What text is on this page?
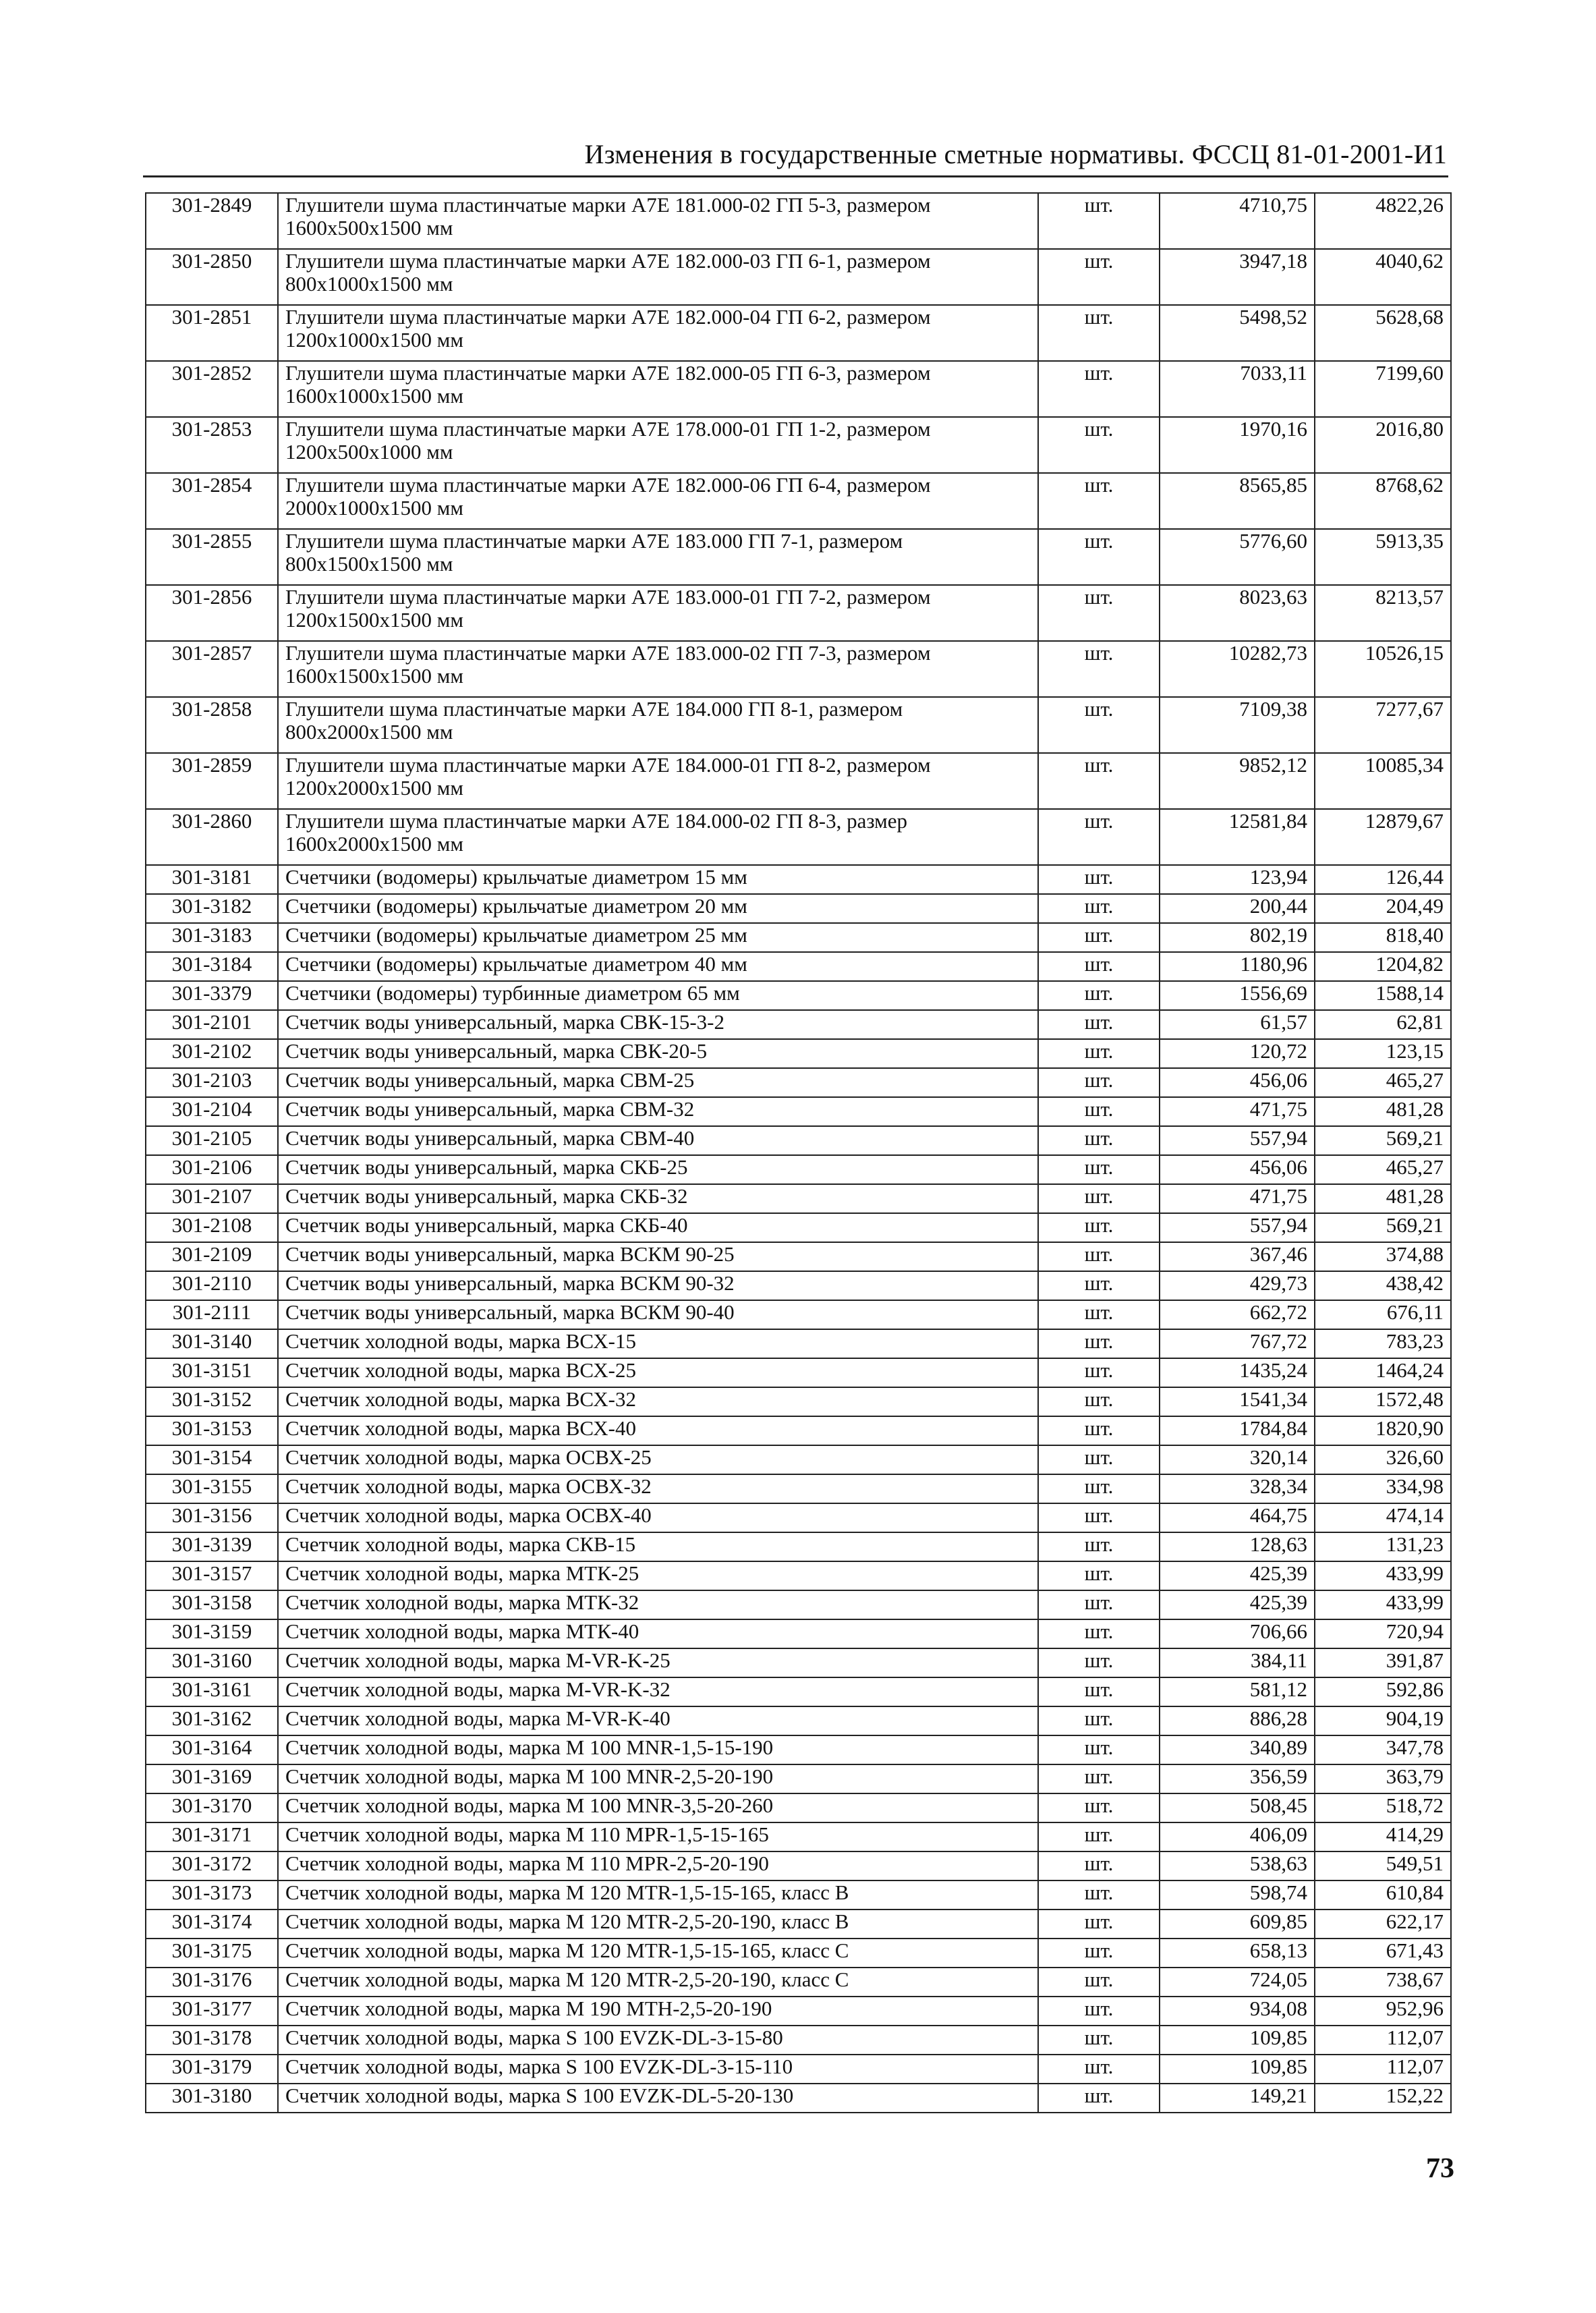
Изменения в государственные сметные нормативы. ФССЦ 81-01-2001-И1
301-2849	Глушители шума пластинчатые марки А7Е 181.000-02 ГП 5-3, размером 1600х500х1500 мм	шт.	4710,75	4822,26
301-2850	Глушители шума пластинчатые марки А7Е 182.000-03 ГП 6-1, размером 800х1000х1500 мм	шт.	3947,18	4040,62
301-2851	Глушители шума пластинчатые марки А7Е 182.000-04 ГП 6-2, размером 1200х1000х1500 мм	шт.	5498,52	5628,68
301-2852	Глушители шума пластинчатые марки А7Е 182.000-05 ГП 6-3, размером 1600х1000х1500 мм	шт.	7033,11	7199,60
301-2853	Глушители шума пластинчатые марки А7Е 178.000-01 ГП 1-2, размером 1200х500х1000 мм	шт.	1970,16	2016,80
301-2854	Глушители шума пластинчатые марки А7Е 182.000-06 ГП 6-4, размером 2000х1000х1500 мм	шт.	8565,85	8768,62
301-2855	Глушители шума пластинчатые марки А7Е 183.000 ГП 7-1, размером 800х1500х1500 мм	шт.	5776,60	5913,35
301-2856	Глушители шума пластинчатые марки А7Е 183.000-01 ГП 7-2, размером 1200х1500х1500 мм	шт.	8023,63	8213,57
301-2857	Глушители шума пластинчатые марки А7Е 183.000-02 ГП 7-3, размером 1600х1500х1500 мм	шт.	10282,73	10526,15
301-2858	Глушители шума пластинчатые марки А7Е 184.000 ГП 8-1, размером 800х2000х1500 мм	шт.	7109,38	7277,67
301-2859	Глушители шума пластинчатые марки А7Е 184.000-01 ГП 8-2, размером 1200х2000х1500 мм	шт.	9852,12	10085,34
301-2860	Глушители шума пластинчатые марки А7Е 184.000-02 ГП 8-3, размер 1600х2000х1500 мм	шт.	12581,84	12879,67
301-3181	Счетчики (водомеры) крыльчатые диаметром 15 мм	шт.	123,94	126,44
301-3182	Счетчики (водомеры) крыльчатые диаметром 20 мм	шт.	200,44	204,49
301-3183	Счетчики (водомеры) крыльчатые диаметром 25 мм	шт.	802,19	818,40
301-3184	Счетчики (водомеры) крыльчатые диаметром 40 мм	шт.	1180,96	1204,82
301-3379	Счетчики (водомеры) турбинные диаметром 65 мм	шт.	1556,69	1588,14
301-2101	Счетчик воды универсальный, марка СВК-15-3-2	шт.	61,57	62,81
301-2102	Счетчик воды универсальный, марка СВК-20-5	шт.	120,72	123,15
301-2103	Счетчик воды универсальный, марка СВМ-25	шт.	456,06	465,27
301-2104	Счетчик воды универсальный, марка СВМ-32	шт.	471,75	481,28
301-2105	Счетчик воды универсальный, марка СВМ-40	шт.	557,94	569,21
301-2106	Счетчик воды универсальный, марка СКБ-25	шт.	456,06	465,27
301-2107	Счетчик воды универсальный, марка СКБ-32	шт.	471,75	481,28
301-2108	Счетчик воды универсальный, марка СКБ-40	шт.	557,94	569,21
301-2109	Счетчик воды универсальный, марка ВСКМ 90-25	шт.	367,46	374,88
301-2110	Счетчик воды универсальный, марка ВСКМ 90-32	шт.	429,73	438,42
301-2111	Счетчик воды универсальный, марка ВСКМ 90-40	шт.	662,72	676,11
301-3140	Счетчик холодной воды, марка ВСХ-15	шт.	767,72	783,23
301-3151	Счетчик холодной воды, марка ВСХ-25	шт.	1435,24	1464,24
301-3152	Счетчик холодной воды, марка ВСХ-32	шт.	1541,34	1572,48
301-3153	Счетчик холодной воды, марка ВСХ-40	шт.	1784,84	1820,90
301-3154	Счетчик холодной воды, марка ОСВХ-25	шт.	320,14	326,60
301-3155	Счетчик холодной воды, марка ОСВХ-32	шт.	328,34	334,98
301-3156	Счетчик холодной воды, марка ОСВХ-40	шт.	464,75	474,14
301-3139	Счетчик холодной воды, марка СКВ-15	шт.	128,63	131,23
301-3157	Счетчик холодной воды, марка МТК-25	шт.	425,39	433,99
301-3158	Счетчик холодной воды, марка МТК-32	шт.	425,39	433,99
301-3159	Счетчик холодной воды, марка МТК-40	шт.	706,66	720,94
301-3160	Счетчик холодной воды, марка M-VR-K-25	шт.	384,11	391,87
301-3161	Счетчик холодной воды, марка M-VR-K-32	шт.	581,12	592,86
301-3162	Счетчик холодной воды, марка M-VR-K-40	шт.	886,28	904,19
301-3164	Счетчик холодной воды, марка М 100 MNR-1,5-15-190	шт.	340,89	347,78
301-3169	Счетчик холодной воды, марка М 100 MNR-2,5-20-190	шт.	356,59	363,79
301-3170	Счетчик холодной воды, марка М 100 MNR-3,5-20-260	шт.	508,45	518,72
301-3171	Счетчик холодной воды, марка М 110 MPR-1,5-15-165	шт.	406,09	414,29
301-3172	Счетчик холодной воды, марка М 110 MPR-2,5-20-190	шт.	538,63	549,51
301-3173	Счетчик холодной воды, марка М 120 MTR-1,5-15-165, класс В	шт.	598,74	610,84
301-3174	Счетчик холодной воды, марка М 120 MTR-2,5-20-190, класс В	шт.	609,85	622,17
301-3175	Счетчик холодной воды, марка М 120 MTR-1,5-15-165, класс С	шт.	658,13	671,43
301-3176	Счетчик холодной воды, марка М 120 MTR-2,5-20-190, класс С	шт.	724,05	738,67
301-3177	Счетчик холодной воды, марка М 190 MTH-2,5-20-190	шт.	934,08	952,96
301-3178	Счетчик холодной воды, марка S 100 EVZK-DL-3-15-80	шт.	109,85	112,07
301-3179	Счетчик холодной воды, марка S 100 EVZK-DL-3-15-110	шт.	109,85	112,07
301-3180	Счетчик холодной воды, марка S 100 EVZK-DL-5-20-130	шт.	149,21	152,22
73
